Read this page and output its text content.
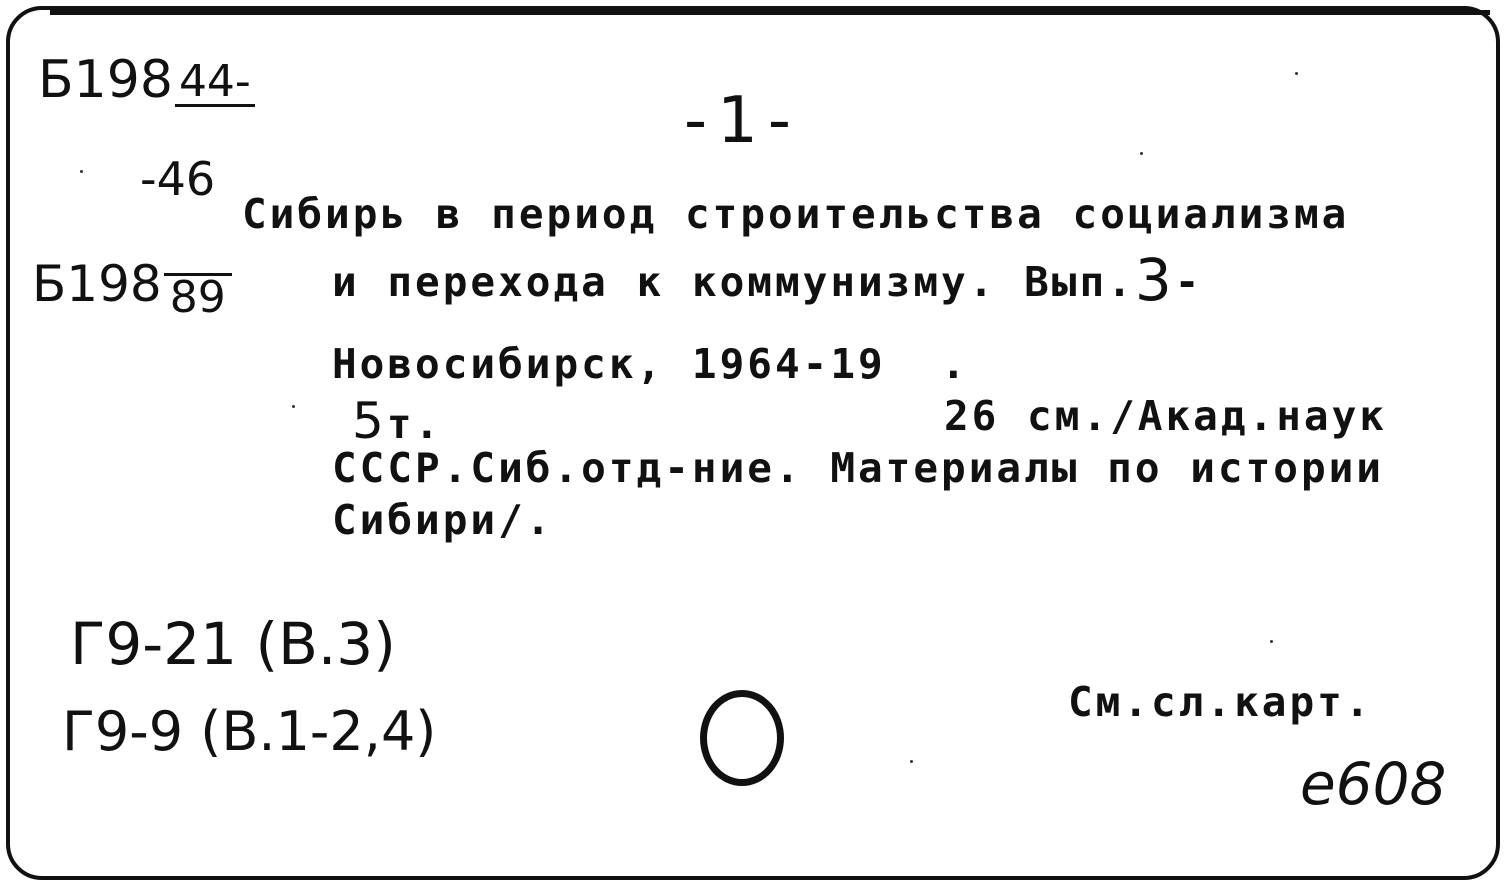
Б198 44-
-46
Б198 89
-1-
Сибирь в период строительства социализма
и перехода к коммунизму. Вып.3-
Новосибирск, 1964-19  .
5т.	26 см./Акад.наук
СССР.Сиб.отд-ние. Материалы по истории
Сибири/.
Г9-21 (В.3)
Г9-9 (В.1-2,4)	См.сл.карт.
е608
